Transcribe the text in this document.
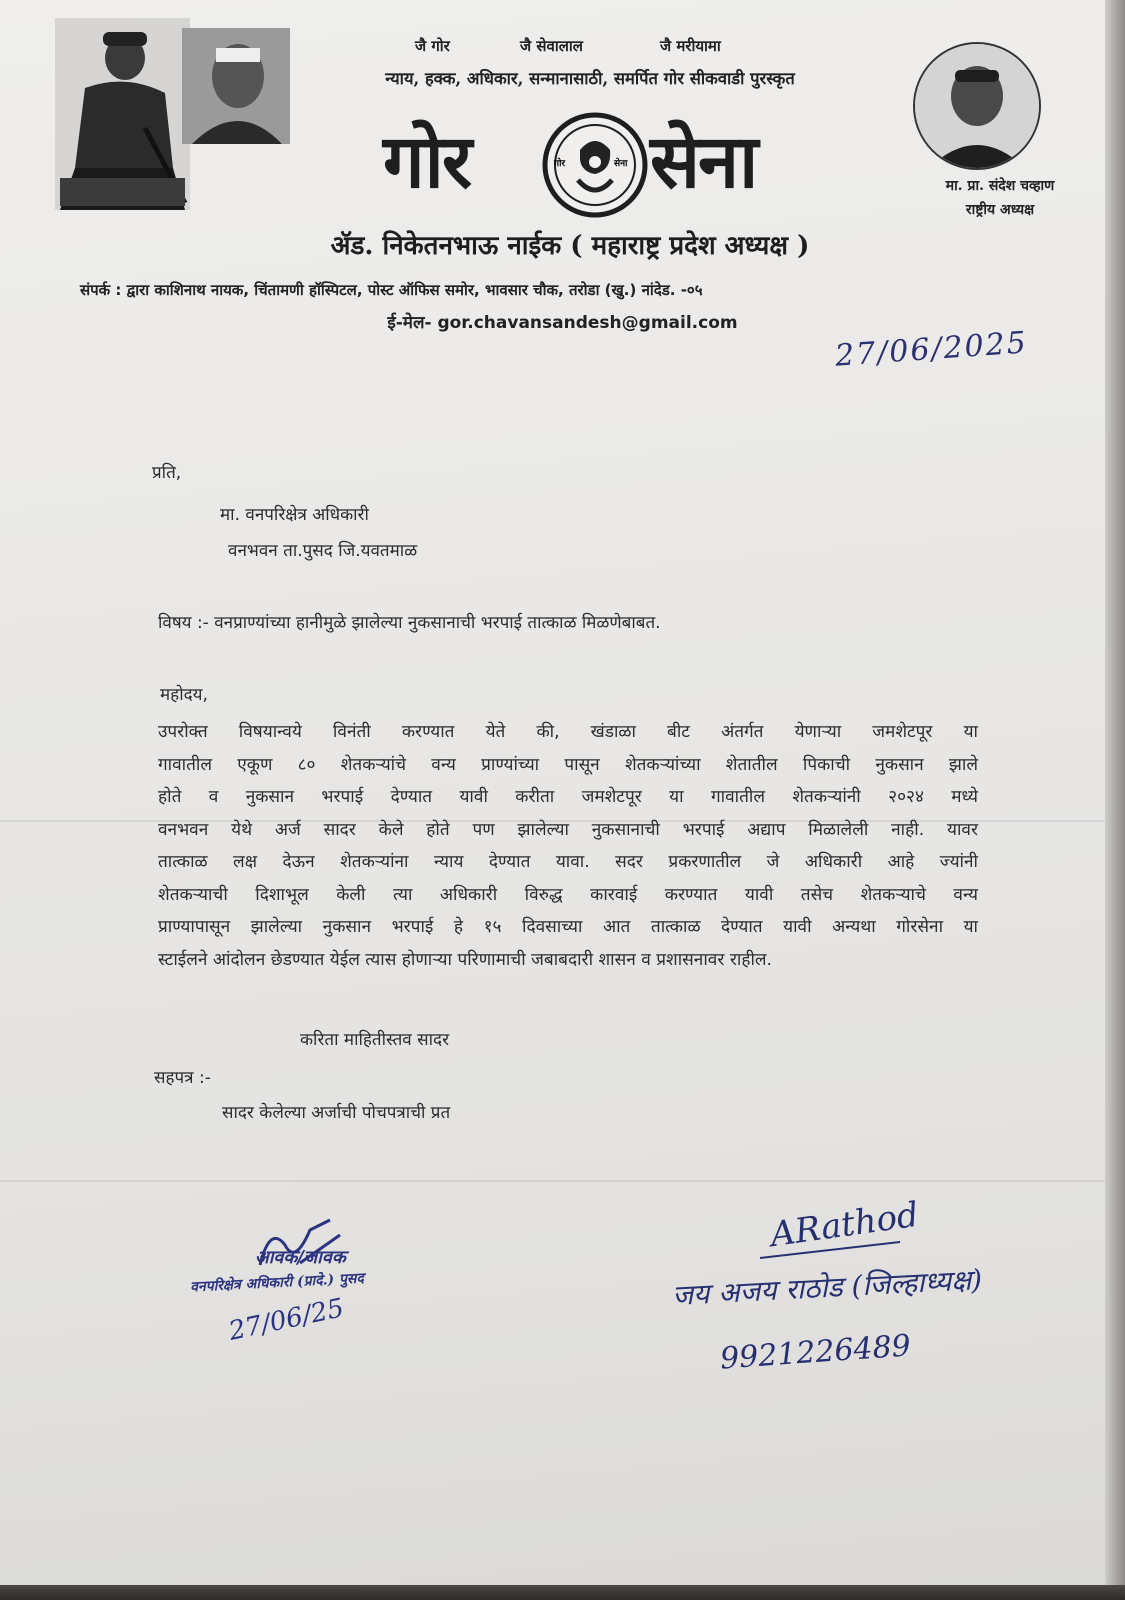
मा. प्रा. संदेश चव्हाण
राष्ट्रीय अध्यक्ष
जै गोर	जै सेवालाल	जै मरीयामा
न्याय, हक्क, अधिकार, सन्मानासाठी, समर्पित गोर सीकवाडी पुरस्कृत
गोर	गोर	सेना सेना
ॲड. निकेतनभाऊ नाईक ( महाराष्ट्र प्रदेश अध्यक्ष )
संपर्क : द्वारा काशिनाथ नायक, चिंतामणी हॉस्पिटल, पोस्ट ऑफिस समोर, भावसार चौक, तरोडा (खु.) नांदेड. -०५
ई-मेल- gor.chavansandesh@gmail.com
27/06/2025
प्रति,
मा. वनपरिक्षेत्र अधिकारी
वनभवन ता.पुसद जि.यवतमाळ
विषय :- वनप्राण्यांच्या हानीमुळे झालेल्या नुकसानाची भरपाई तात्काळ मिळणेबाबत.
महोदय,
उपरोक्त विषयान्वये विनंती करण्यात येते की, खंडाळा बीट अंतर्गत येणाऱ्या जमशेटपूर या
गावातील एकूण ८० शेतकऱ्यांचे वन्य प्राण्यांच्या पासून शेतकऱ्यांच्या शेतातील पिकाची नुकसान झाले
होते व नुकसान भरपाई देण्यात यावी करीता जमशेटपूर या गावातील शेतकऱ्यांनी २०२४ मध्ये
वनभवन येथे अर्ज सादर केले होते पण झालेल्या नुकसानाची भरपाई अद्याप मिळालेली नाही. यावर
तात्काळ लक्ष देऊन शेतकऱ्यांना न्याय देण्यात यावा. सदर प्रकरणातील जे अधिकारी आहे ज्यांनी
शेतकऱ्याची दिशाभूल केली त्या अधिकारी विरुद्ध कारवाई करण्यात यावी तसेच शेतकऱ्याचे वन्य
प्राण्यापासून झालेल्या नुकसान भरपाई हे १५ दिवसाच्या आत तात्काळ देण्यात यावी अन्यथा गोरसेना या
स्टाईलने आंदोलन छेडण्यात येईल त्यास होणाऱ्या परिणामाची जबाबदारी शासन व प्रशासनावर राहील.
करिता माहितीस्तव सादर
सहपत्र :-
सादर केलेल्या अर्जाची पोचपत्राची प्रत
आवक/जावक
वनपरिक्षेत्र अधिकारी (प्रादे.) पुसद
27/06/25
ARathod
जय अजय राठोड (जिल्हाध्यक्ष)
9921226489
